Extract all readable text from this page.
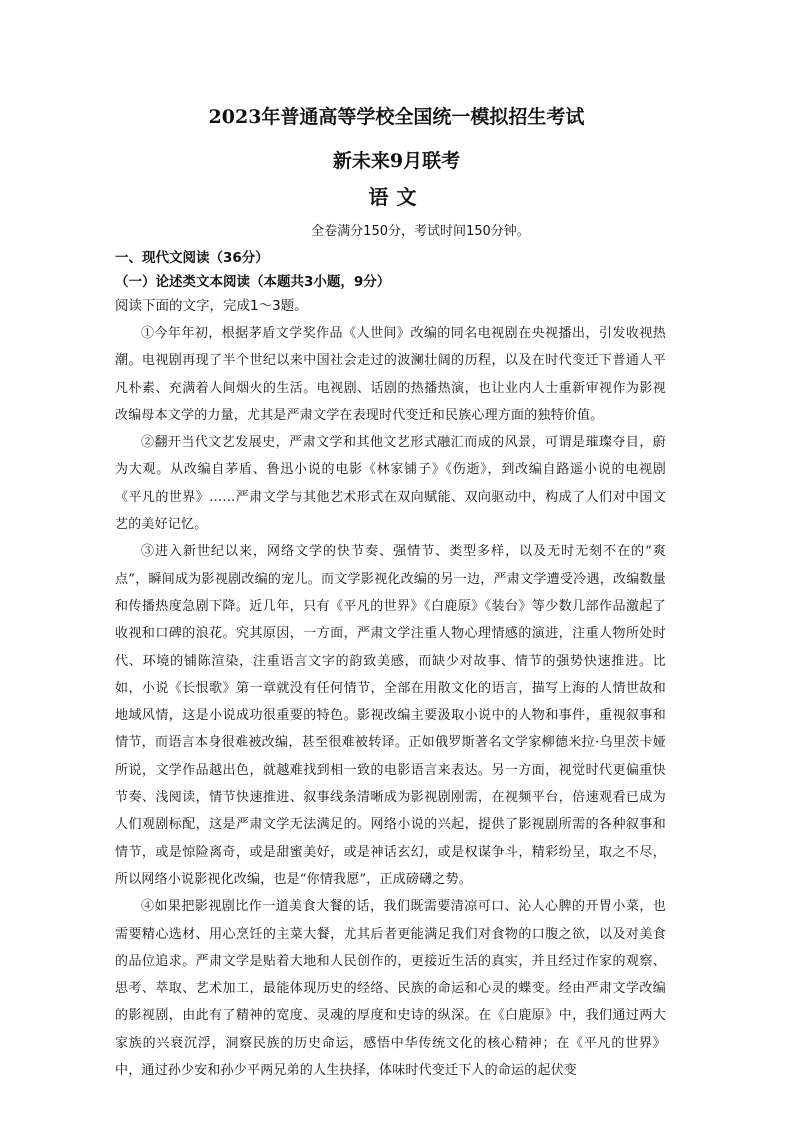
2023年普通高等学校全国统一模拟招生考试
新未来9月联考
语文
全卷满分150分，考试时间150分钟。
一、现代文阅读（36分）
（一）论述类文本阅读（本题共3小题，9分）
阅读下面的文字，完成1～3题。

①今年年初，根据茅盾文学奖作品《人世间》改编的同名电视剧在央视播出，引发收视热潮。电视剧再现了半个世纪以来中国社会走过的波澜壮阔的历程，以及在时代变迁下普通人平凡朴素、充满着人间烟火的生活。电视剧、话剧的热播热演，也让业内人士重新审视作为影视改编母本文学的力量，尤其是严肃文学在表现时代变迁和民族心理方面的独特价值。

②翻开当代文艺发展史，严肃文学和其他文艺形式融汇而成的风景，可谓是璀璨夺目，蔚为大观。从改编自茅盾、鲁迅小说的电影《林家铺子》《伤逝》，到改编自路遥小说的电视剧《平凡的世界》……严肃文学与其他艺术形式在双向赋能、双向驱动中，构成了人们对中国文艺的美好记忆。

③进入新世纪以来，网络文学的快节奏、强情节、类型多样，以及无时无刻不在的“爽点”，瞬间成为影视剧改编的宠儿。而文学影视化改编的另一边，严肃文学遭受冷遇，改编数量和传播热度急剧下降。近几年，只有《平凡的世界》《白鹿原》《装台》等少数几部作品激起了收视和口碑的浪花。究其原因，一方面，严肃文学注重人物心理情感的演进，注重人物所处时代、环境的铺陈渲染，注重语言文字的韵致美感，而缺少对故事、情节的强势快速推进。比如，小说《长恨歌》第一章就没有任何情节，全部在用散文化的语言，描写上海的人情世故和地域风情，这是小说成功很重要的特色。影视改编主要汲取小说中的人物和事件，重视叙事和情节，而语言本身很难被改编，甚至很难被转译。正如俄罗斯著名文学家柳德米拉·乌里茨卡娅所说，文学作品越出色，就越难找到相一致的电影语言来表达。另一方面，视觉时代更偏重快节奏、浅阅读，情节快速推进、叙事线条清晰成为影视剧刚需，在视频平台，倍速观看已成为人们观剧标配，这是严肃文学无法满足的。网络小说的兴起，提供了影视剧所需的各种叙事和情节，或是惊险离奇，或是甜蜜美好，或是神话玄幻，或是权谋争斗，精彩纷呈，取之不尽，所以网络小说影视化改编，也是“你情我愿”，正成磅礴之势。

④如果把影视剧比作一道美食大餐的话，我们既需要清凉可口、沁人心脾的开胃小菜，也需要精心选材、用心烹饪的主菜大餐，尤其后者更能满足我们对食物的口腹之欲，以及对美食的品位追求。严肃文学是贴着大地和人民创作的，更接近生活的真实，并且经过作家的观察、思考、萃取、艺术加工，最能体现历史的经络、民族的命运和心灵的蝶变。经由严肃文学改编的影视剧，由此有了精神的宽度、灵魂的厚度和史诗的纵深。在《白鹿原》中，我们通过两大家族的兴衰沉浮，洞察民族的历史命运，感悟中华传统文化的核心精神；在《平凡的世界》中，通过孙少安和孙少平两兄弟的人生抉择，体味时代变迁下人的命运的起伏变
